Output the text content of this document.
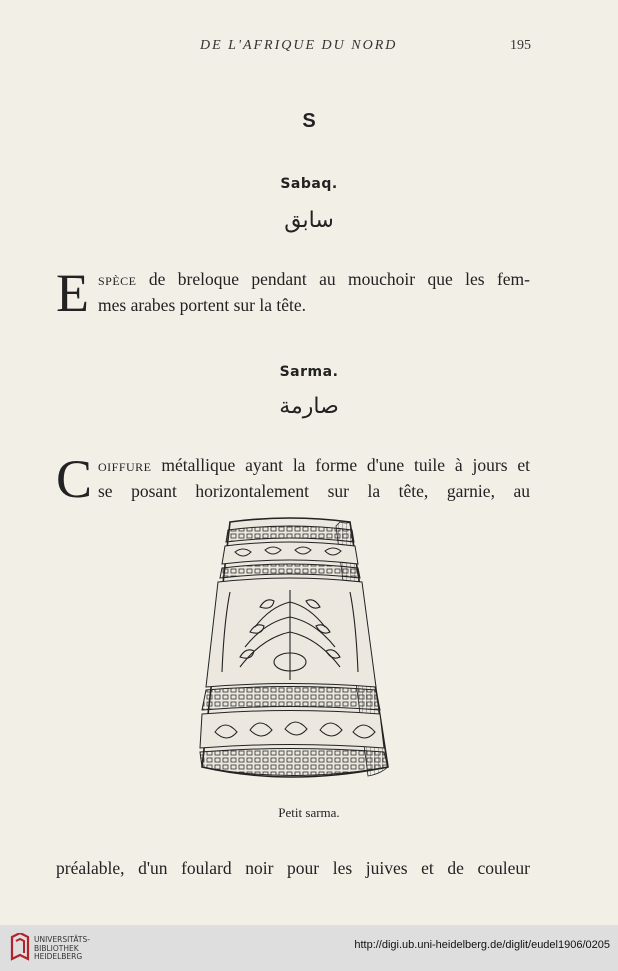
DE L'AFRIQUE DU NORD	195
S
Sabaq.
سابق
E spèce de breloque pendant au mouchoir que les fem-
mes arabes portent sur la tête.
Sarma.
صارمة
C oiffure métallique ayant la forme d'une tuile à jours et
se posant horizontalement sur la tête, garnie, au
Petit sarma.
préalable, d'un foulard noir pour les juives et de couleur
UNIVERSITÄTS-
BIBLIOTHEK
HEIDELBERG
http://digi.ub.uni-heidelberg.de/diglit/eudel1906/0205
